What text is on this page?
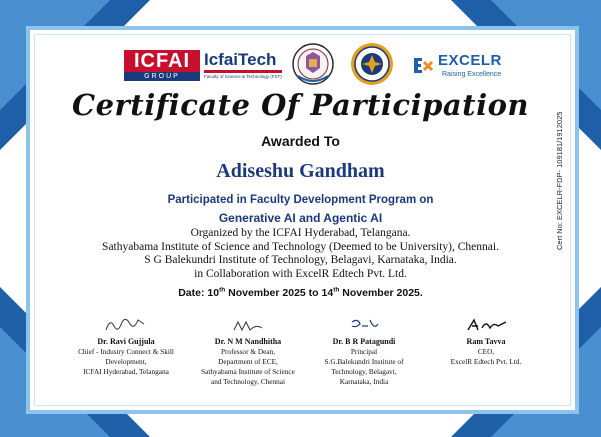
ICFAI
GROUP
IcfaiTech
Faculty of Science & Technology (FST)
EXCELR
Raising Excellence
Certificate Of Participation
Awarded To
Adiseshu Gandham
Participated in Faculty Development Program on
Generative AI and Agentic AI
Organized by the ICFAI Hyderabad, Telangana.
Sathyabama Institute of Science and Technology (Deemed to be University), Chennai.
S G Balekundri Institute of Technology, Belagavi, Karnataka, India.
in Collaboration with ExcelR Edtech Pvt. Ltd.
Date: 10th November 2025 to 14th November 2025.
Cert No: EXCELR-FDP- 109181/1912025
Dr. Ravi Gujjula
Chief - Industry Connect & Skill
Development,
ICFAI Hyderabad, Telangana
Dr. N M Nandhitha
Professor & Dean,
Department of ECE,
Sathyabama Institute of Science
and Technology, Chennai
Dr. B R Patagundi
Principal
S.G.Balekundri Institute of
Technology, Belagavi,
Karnataka, India
Ram Tavva
CEO,
ExcelR Edtech Pvt. Ltd.
